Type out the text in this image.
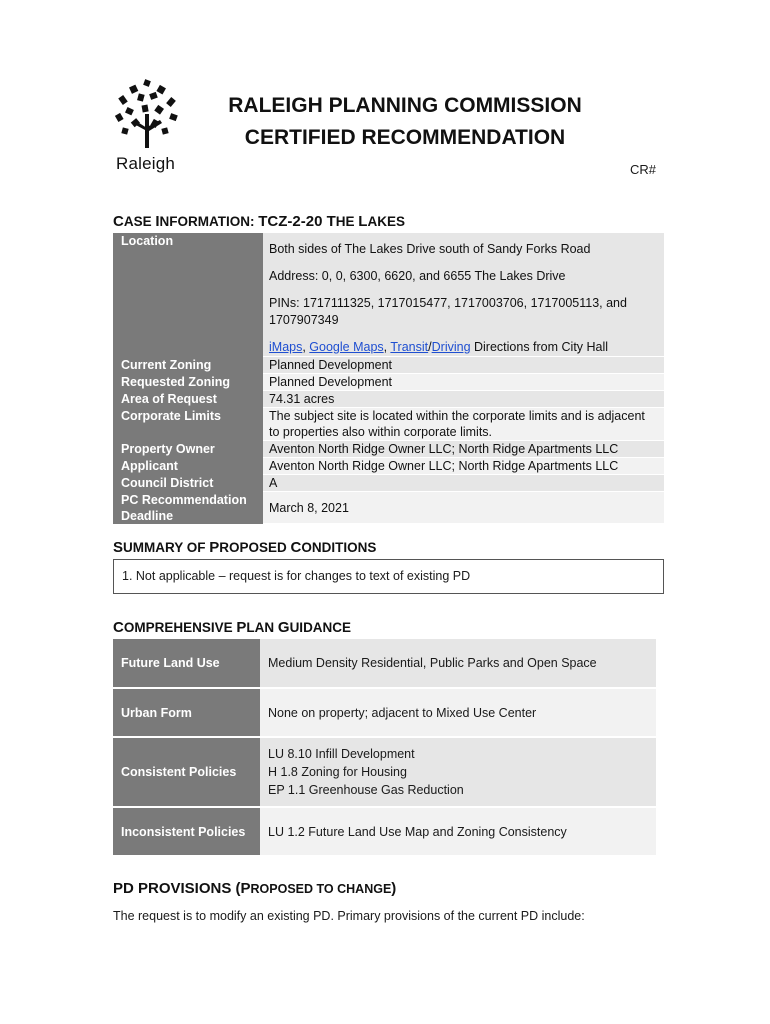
Raleigh
RALEIGH PLANNING COMMISSION
CERTIFIED RECOMMENDATION
CR#
CASE INFORMATION: TCZ-2-20 THE LAKES
Location	Both sides of The Lakes Drive south of Sandy Forks Road

Address: 0, 0, 6300, 6620, and 6655 The Lakes Drive

PINs: 1717111325, 1717015477, 1717003706, 1717005113, and 1707907349

iMaps, Google Maps, Transit/Driving Directions from City Hall

Current Zoning	Planned Development
Requested Zoning	Planned Development
Area of Request	74.31 acres
Corporate Limits	The subject site is located within the corporate limits and is adjacent to properties also within corporate limits.
Property Owner	Aventon North Ridge Owner LLC; North Ridge Apartments LLC
Applicant	Aventon North Ridge Owner LLC; North Ridge Apartments LLC
Council District	A

PC Recommendation
Deadline	March 8, 2021
SUMMARY OF PROPOSED CONDITIONS
1. Not applicable – request is for changes to text of existing PD
COMPREHENSIVE PLAN GUIDANCE
Future Land Use	Medium Density Residential, Public Parks and Open Space
Urban Form	None on property; adjacent to Mixed Use Center
Consistent Policies	LU 8.10 Infill Development
H 1.8 Zoning for Housing
EP 1.1 Greenhouse Gas Reduction

Inconsistent Policies	LU 1.2 Future Land Use Map and Zoning Consistency
PD PROVISIONS (PROPOSED TO CHANGE)
The request is to modify an existing PD. Primary provisions of the current PD include:
